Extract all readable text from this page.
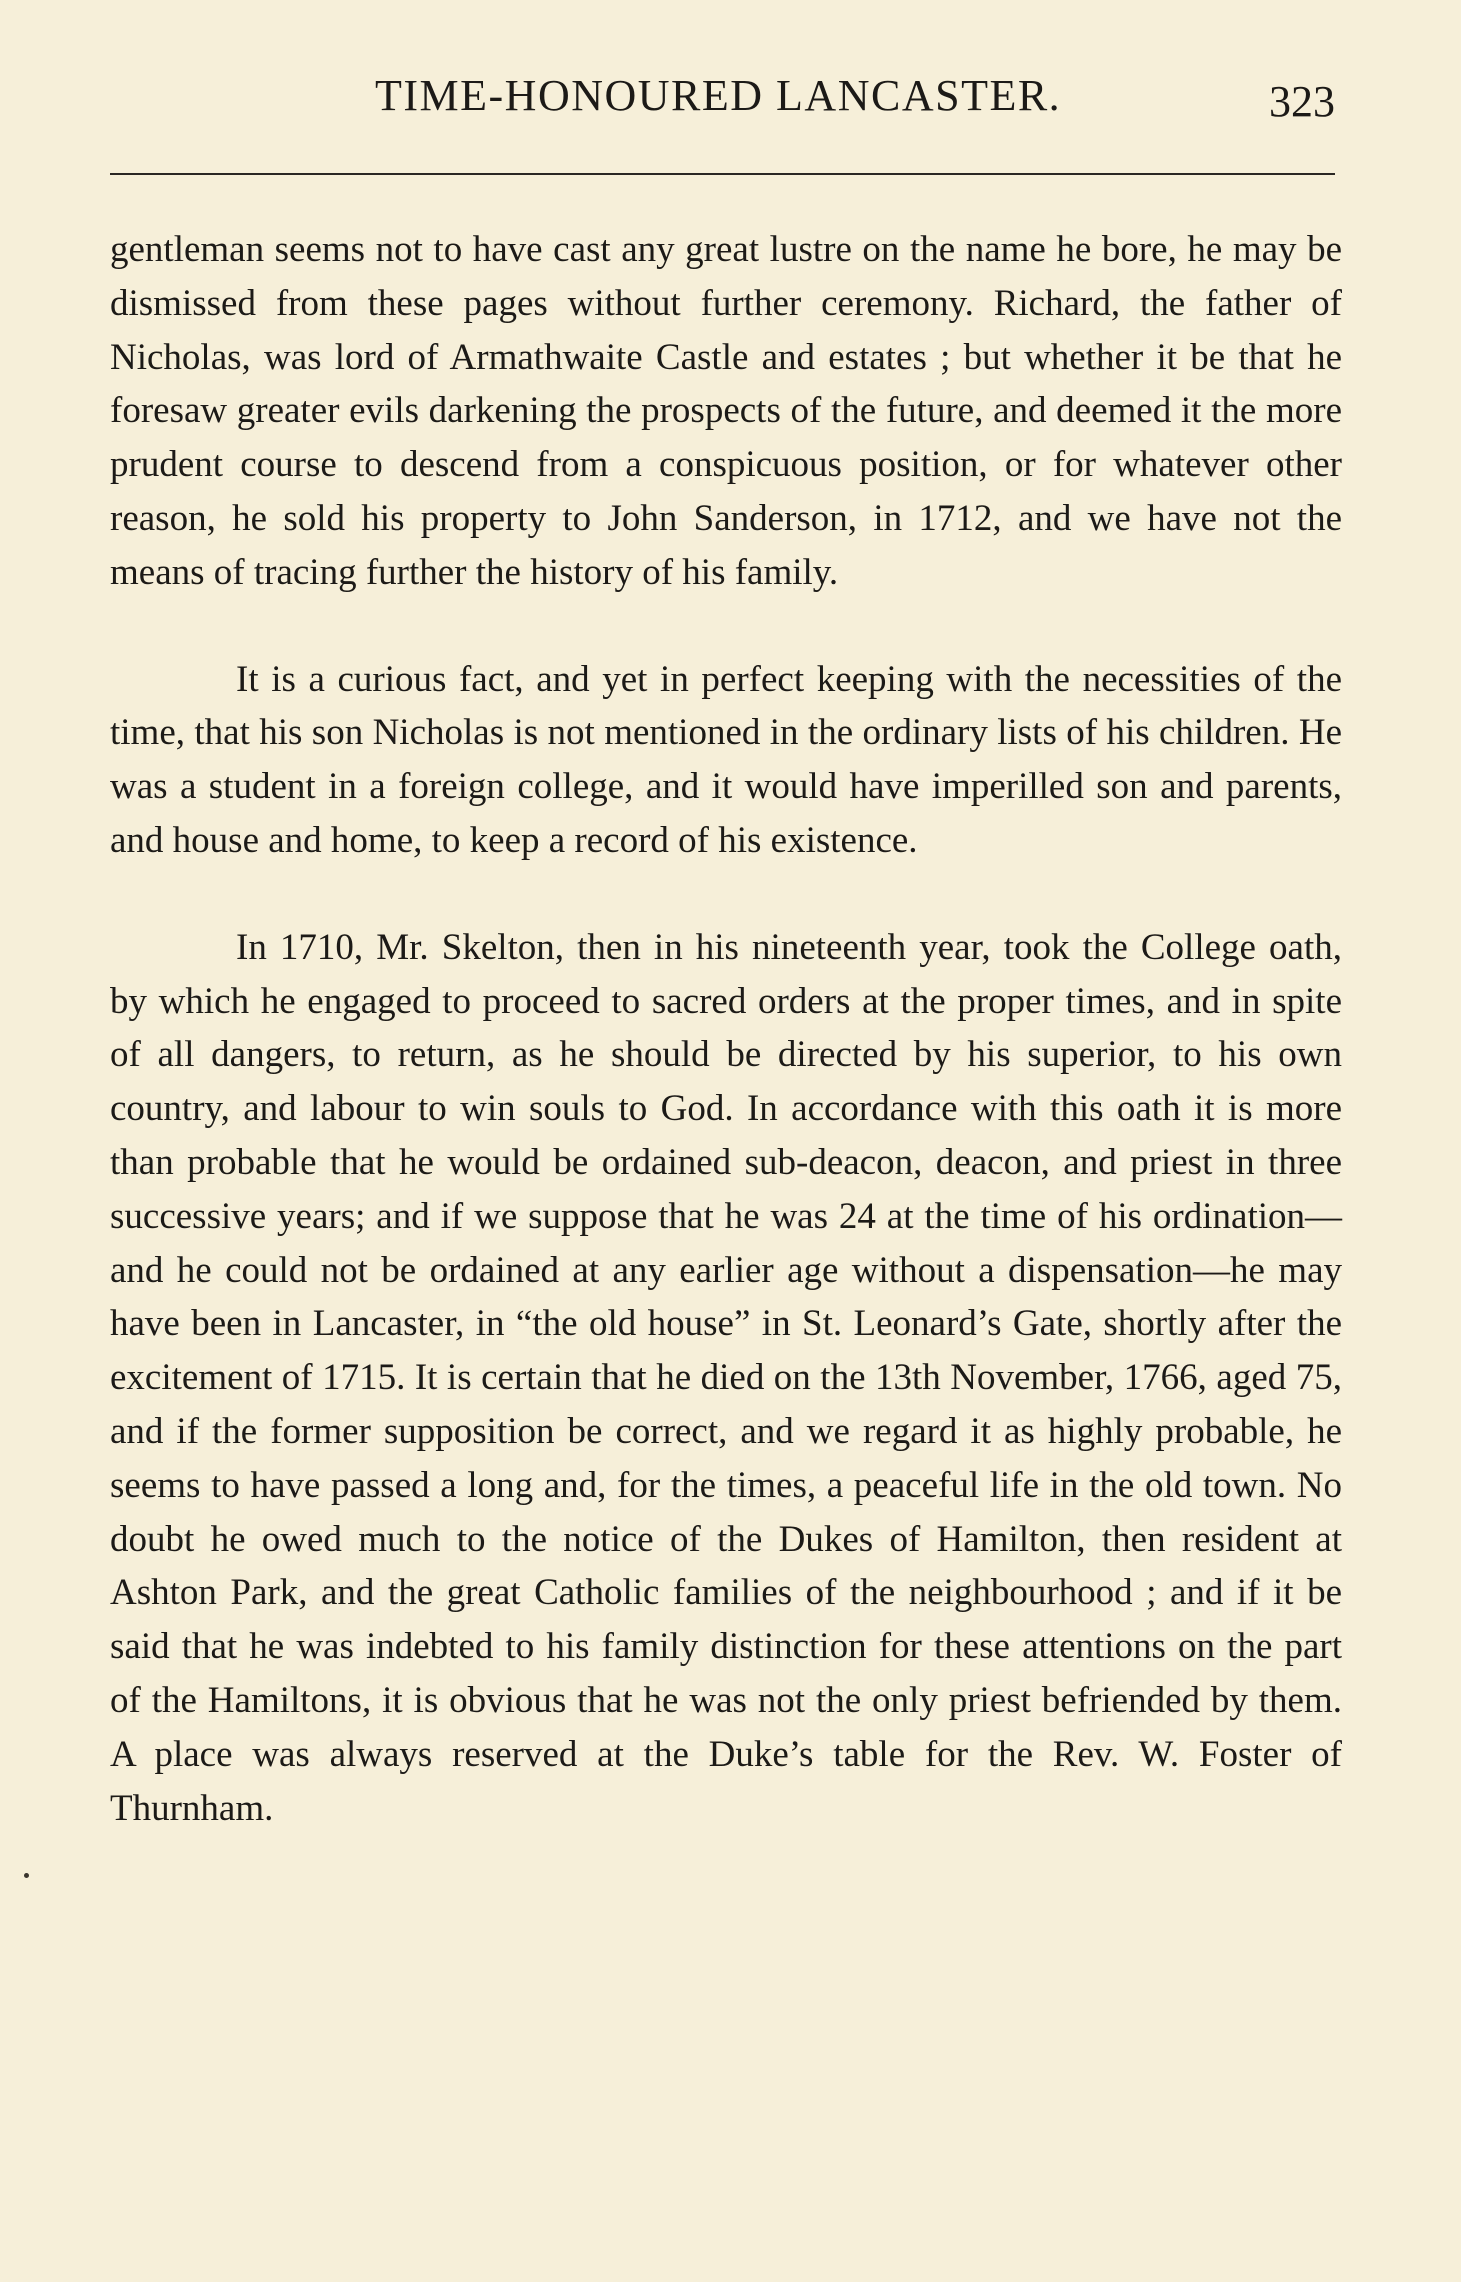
TIME-HONOURED LANCASTER.	323

gentleman seems not to have cast any great lustre on the name he bore, he may be dismissed from these pages without further ceremony. Richard, the father of Nicholas, was lord of Armathwaite Castle and estates ; but whether it be that he foresaw greater evils darkening the prospects of the future, and deemed it the more prudent course to descend from a conspicuous position, or for whatever other reason, he sold his property to John Sanderson, in 1712, and we have not the means of tracing further the history of his family.

It is a curious fact, and yet in perfect keeping with the necessities of the time, that his son Nicholas is not mentioned in the ordinary lists of his children. He was a student in a foreign college, and it would have imperilled son and parents, and house and home, to keep a record of his existence.

In 1710, Mr. Skelton, then in his nineteenth year, took the College oath, by which he engaged to proceed to sacred orders at the proper times, and in spite of all dangers, to return, as he should be directed by his superior, to his own country, and labour to win souls to God. In accordance with this oath it is more than probable that he would be ordained sub-deacon, deacon, and priest in three successive years; and if we suppose that he was 24 at the time of his ordination—and he could not be ordained at any earlier age without a dispensation—he may have been in Lancaster, in “the old house” in St. Leonard’s Gate, shortly after the excitement of 1715. It is certain that he died on the 13th November, 1766, aged 75, and if the former supposition be correct, and we regard it as highly probable, he seems to have passed a long and, for the times, a peaceful life in the old town. No doubt he owed much to the notice of the Dukes of Hamilton, then resident at Ashton Park, and the great Catholic families of the neighbourhood ; and if it be said that he was indebted to his family distinction for these attentions on the part of the Hamiltons, it is obvious that he was not the only priest befriended by them. A place was always reserved at the Duke’s table for the Rev. W. Foster of Thurnham.
